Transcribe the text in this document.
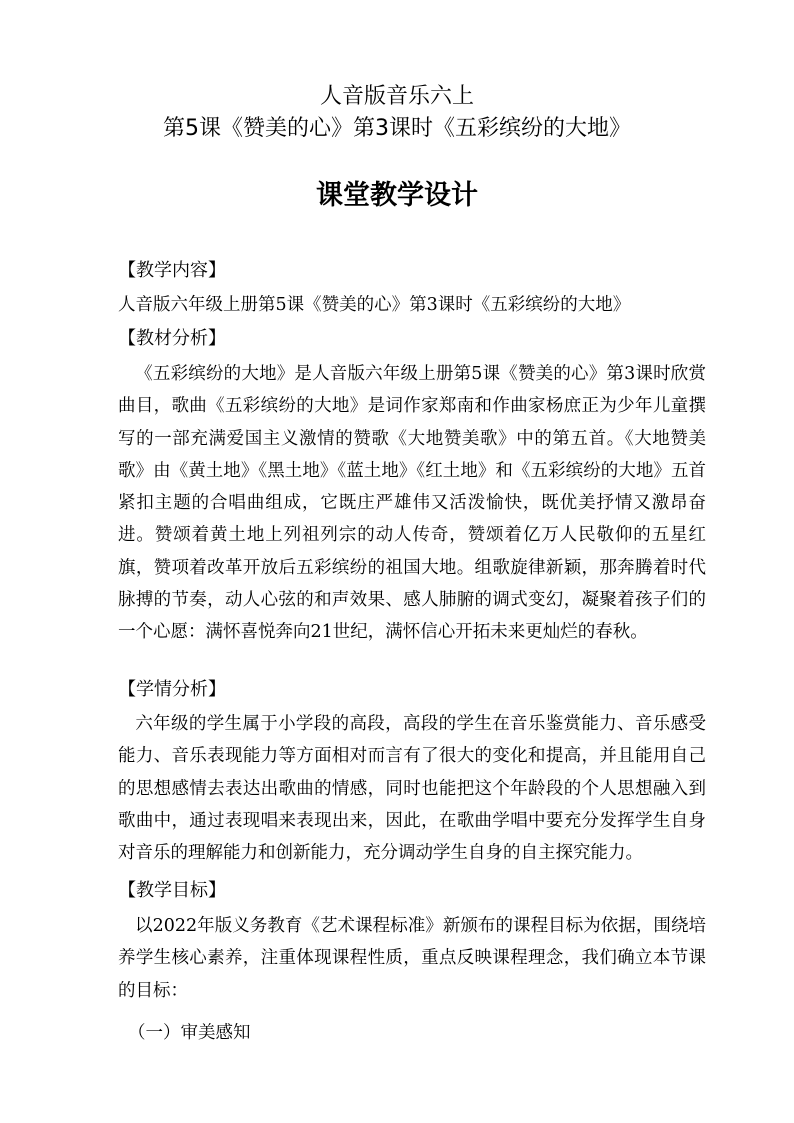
人音版音乐六上
第5课《赞美的心》第3课时《五彩缤纷的大地》
课堂教学设计
【教学内容】
人音版六年级上册第5课《赞美的心》第3课时《五彩缤纷的大地》
【教材分析】
《五彩缤纷的大地》是人音版六年级上册第5课《赞美的心》第3课时欣赏曲目，歌曲《五彩缤纷的大地》是词作家郑南和作曲家杨庶正为少年儿童撰写的一部充满爱国主义激情的赞歌《大地赞美歌》中的第五首。《大地赞美歌》由《黄土地》《黑土地》《蓝土地》《红土地》和《五彩缤纷的大地》五首紧扣主题的合唱曲组成，它既庄严雄伟又活泼愉快，既优美抒情又激昂奋进。赞颂着黄土地上列祖列宗的动人传奇，赞颂着亿万人民敬仰的五星红旗，赞项着改革开放后五彩缤纷的祖国大地。组歌旋律新颖，那奔腾着时代脉搏的节奏，动人心弦的和声效果、感人肺腑的调式变幻，凝聚着孩子们的一个心愿：满怀喜悦奔向21世纪，满怀信心开拓未来更灿烂的春秋。
【学情分析】
六年级的学生属于小学段的高段，高段的学生在音乐鉴赏能力、音乐感受能力、音乐表现能力等方面相对而言有了很大的变化和提高，并且能用自己的思想感情去表达出歌曲的情感，同时也能把这个年龄段的个人思想融入到歌曲中，通过表现唱来表现出来，因此，在歌曲学唱中要充分发挥学生自身对音乐的理解能力和创新能力，充分调动学生自身的自主探究能力。
【教学目标】
以2022年版义务教育《艺术课程标准》新颁布的课程目标为依据，围绕培养学生核心素养，注重体现课程性质，重点反映课程理念，我们确立本节课的目标：
（一）审美感知
